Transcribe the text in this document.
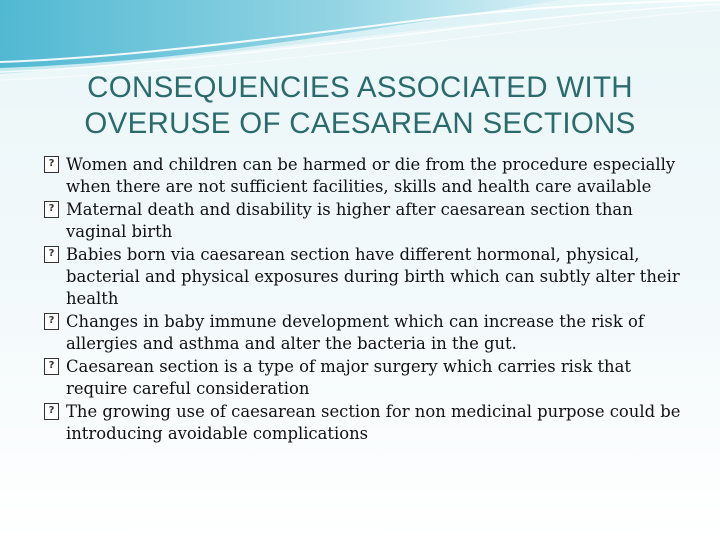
CONSEQUENCIES ASSOCIATED WITH
OVERUSE OF CAESAREAN SECTIONS
? Women and children can be harmed or die from the procedure especially when there are not sufficient facilities, skills and health care available
? Maternal death and disability is higher after caesarean section than vaginal birth
? Babies born via caesarean section have different hormonal, physical, bacterial and physical exposures during birth which can subtly alter their health
? Changes in baby immune development which can increase the risk of allergies and asthma and alter the bacteria in the gut.
? Caesarean section is a type of major surgery which carries risk that require careful consideration
? The growing use of caesarean section for non medicinal purpose could be introducing avoidable complications
